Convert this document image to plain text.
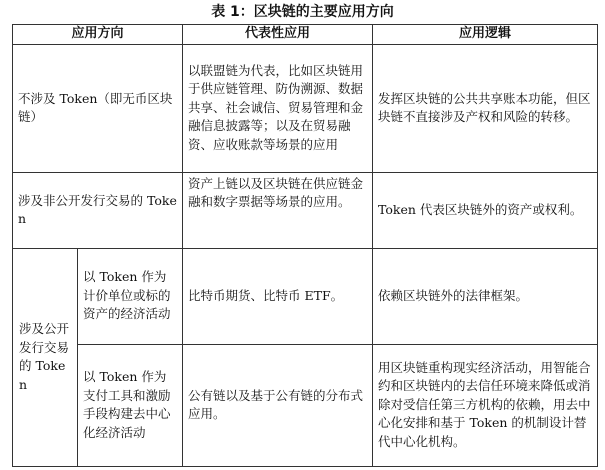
表 1：区块链的主要应用方向
应用方向		代表性应用	应用逻辑
不涉及 Token（即无币区块链）		以联盟链为代表，比如区块链用于供应链管理、防伪溯源、数据共享、社会诚信、贸易管理和金融信息披露等；以及在贸易融资、应收账款等场景的应用	发挥区块链的公共共享账本功能，但区块链不直接涉及产权和风险的转移。
涉及非公开发行交易的 Token		资产上链以及区块链在供应链金融和数字票据等场景的应用。	Token 代表区块链外的资产或权利。
涉及公开发行交易的 Token	以 Token 作为计价单位或标的资产的经济活动	比特币期货、比特币 ETF。	依赖区块链外的法律框架。
	以 Token 作为支付工具和激励手段构建去中心化经济活动	公有链以及基于公有链的分布式应用。	用区块链重构现实经济活动，用智能合约和区块链内的去信任环境来降低或消除对受信任第三方机构的依赖，用去中心化安排和基于 Token 的机制设计替代中心化机构。
